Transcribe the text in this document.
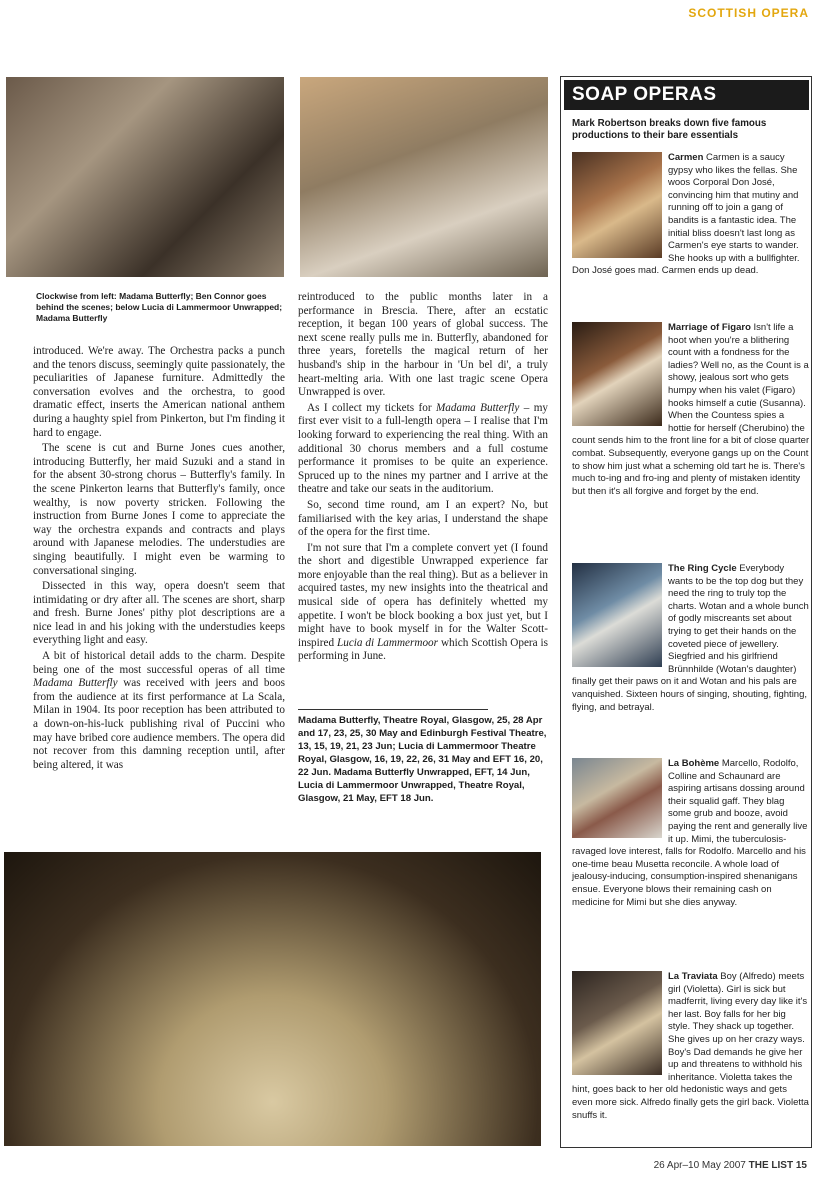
SCOTTISH OPERA
Clockwise from left: Madama Butterfly; Ben Connor goes behind the scenes; below Lucia di Lammermoor Unwrapped; Madama Butterfly

introduced. We're away. The Orchestra packs a punch and the tenors discuss, seemingly quite passionately, the peculiarities of Japanese furniture. Admittedly the conversation evolves and the orchestra, to good dramatic effect, inserts the American national anthem during a haughty spiel from Pinkerton, but I'm finding it hard to engage.

The scene is cut and Burne Jones cues another, introducing Butterfly, her maid Suzuki and a stand in for the absent 30-strong chorus – Butterfly's family. In the scene Pinkerton learns that Butterfly's family, once wealthy, is now poverty stricken. Following the instruction from Burne Jones I come to appreciate the way the orchestra expands and contracts and plays around with Japanese melodies. The understudies are singing beautifully. I might even be warming to conversational singing.

Dissected in this way, opera doesn't seem that intimidating or dry after all. The scenes are short, sharp and fresh. Burne Jones' pithy plot descriptions are a nice lead in and his joking with the understudies keeps everything light and easy.

A bit of historical detail adds to the charm. Despite being one of the most successful operas of all time Madama Butterfly was received with jeers and boos from the audience at its first performance at La Scala, Milan in 1904. Its poor reception has been attributed to a down-on-his-luck publishing rival of Puccini who may have bribed core audience members. The opera did not recover from this damning reception until, after being altered, it was

reintroduced to the public months later in a performance in Brescia. There, after an ecstatic reception, it began 100 years of global success. The next scene really pulls me in. Butterfly, abandoned for three years, foretells the magical return of her husband's ship in the harbour in 'Un bel di', a truly heart-melting aria. With one last tragic scene Opera Unwrapped is over.

As I collect my tickets for Madama Butterfly – my first ever visit to a full-length opera – I realise that I'm looking forward to experiencing the real thing. With an additional 30 chorus members and a full costume performance it promises to be quite an experience. Spruced up to the nines my partner and I arrive at the theatre and take our seats in the auditorium.

So, second time round, am I an expert? No, but familiarised with the key arias, I understand the shape of the opera for the first time.

I'm not sure that I'm a complete convert yet (I found the short and digestible Unwrapped experience far more enjoyable than the real thing). But as a believer in acquired tastes, my new insights into the theatrical and musical side of opera has definitely whetted my appetite. I won't be block booking a box just yet, but I might have to book myself in for the Walter Scott-inspired Lucia di Lammermoor which Scottish Opera is performing in June.

Madama Butterfly, Theatre Royal, Glasgow, 25, 28 Apr and 17, 23, 25, 30 May and Edinburgh Festival Theatre, 13, 15, 19, 21, 23 Jun; Lucia di Lammermoor Theatre Royal, Glasgow, 16, 19, 22, 26, 31 May and EFT 16, 20, 22 Jun. Madama Butterfly Unwrapped, EFT, 14 Jun, Lucia di Lammermoor Unwrapped, Theatre Royal, Glasgow, 21 May, EFT 18 Jun.
SOAP OPERAS
Mark Robertson breaks down five famous productions to their bare essentials
Carmen Carmen is a saucy gypsy who likes the fellas. She woos Corporal Don José, convincing him that mutiny and running off to join a gang of bandits is a fantastic idea. The initial bliss doesn't last long as Carmen's eye starts to wander. She hooks up with a bullfighter. Don José goes mad. Carmen ends up dead.
Marriage of Figaro Isn't life a hoot when you're a blithering count with a fondness for the ladies? Well no, as the Count is a showy, jealous sort who gets humpy when his valet (Figaro) hooks himself a cutie (Susanna). When the Countess spies a hottie for herself (Cherubino) the count sends him to the front line for a bit of close quarter combat. Subsequently, everyone gangs up on the Count to show him just what a scheming old tart he is. There's much to-ing and fro-ing and plenty of mistaken identity but then it's all forgive and forget by the end.
The Ring Cycle Everybody wants to be the top dog but they need the ring to truly top the charts. Wotan and a whole bunch of godly miscreants set about trying to get their hands on the coveted piece of jewellery. Siegfried and his girlfriend Brünnhilde (Wotan's daughter) finally get their paws on it and Wotan and his pals are vanquished. Sixteen hours of singing, shouting, fighting, flying, and betrayal.
La Bohème Marcello, Rodolfo, Colline and Schaunard are aspiring artisans dossing around their squalid gaff. They blag some grub and booze, avoid paying the rent and generally live it up. Mimi, the tuberculosis-ravaged love interest, falls for Rodolfo. Marcello and his one-time beau Musetta reconcile. A whole load of jealousy-inducing, consumption-inspired shenanigans ensue. Everyone blows their remaining cash on medicine for Mimi but she dies anyway.
La Traviata Boy (Alfredo) meets girl (Violetta). Girl is sick but madferrit, living every day like it's her last. Boy falls for her big style. They shack up together. She gives up on her crazy ways. Boy's Dad demands he give her up and threatens to withhold his inheritance. Violetta takes the hint, goes back to her old hedonistic ways and gets even more sick. Alfredo finally gets the girl back. Violetta snuffs it.
26 Apr–10 May 2007 THE LIST 15
